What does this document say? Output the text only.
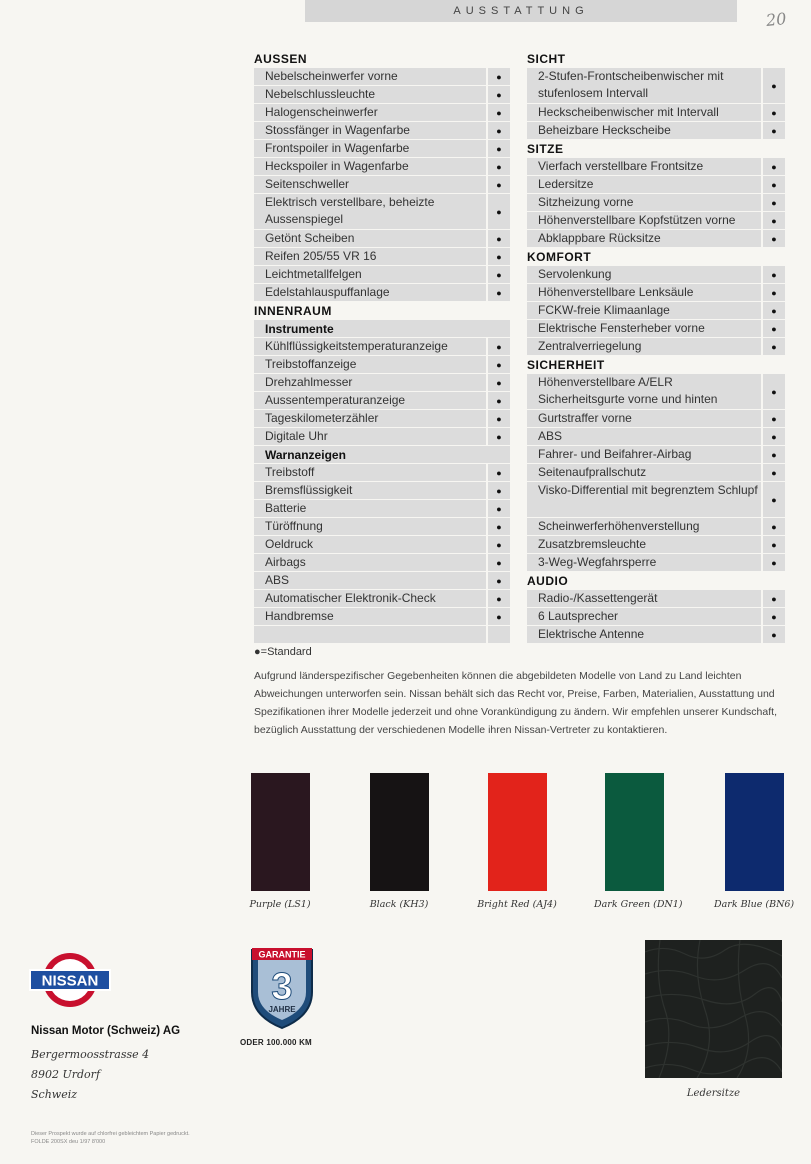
AUSSTATTUNG	20
AUSSEN
Nebelscheinwerfer vorne	●
Nebelschlussleuchte	●
Halogenscheinwerfer	●
Stossfänger in Wagenfarbe	●
Frontspoiler in Wagenfarbe	●
Heckspoiler in Wagenfarbe	●
Seitenschweller	●
Elektrisch verstellbare, beheizte Aussenspiegel
●
Getönt Scheiben	●
Reifen 205/55 VR 16	●
Leichtmetallfelgen	●
Edelstahlauspuffanlage	●
INNENRAUM
Instrumente
Kühlflüssigkeitstemperaturanzeige	●
Treibstoffanzeige	●
Drehzahlmesser	●
Aussentemperaturanzeige	●
Tageskilometerzähler	●
Digitale Uhr	●
Warnanzeigen
Treibstoff	●
Bremsflüssigkeit	●
Batterie	●
Türöffnung	●
Oeldruck	●
Airbags	●
ABS	●
Automatischer Elektronik-Check	●
Handbremse	●
SICHT
2-Stufen-Frontscheibenwischer mit stufenlosem Intervall
●
Heckscheibenwischer mit Intervall	●
Beheizbare Heckscheibe	●
SITZE
Vierfach verstellbare Frontsitze	●
Ledersitze	●
Sitzheizung vorne	●
Höhenverstellbare Kopfstützen vorne	●
Abklappbare Rücksitze	●
KOMFORT
Servolenkung	●
Höhenverstellbare Lenksäule	●
FCKW-freie Klimaanlage	●
Elektrische Fensterheber vorne	●
Zentralverriegelung	●
SICHERHEIT
Höhenverstellbare A/ELR Sicherheitsgurte vorne und hinten
●
Gurtstraffer vorne	●
ABS	●
Fahrer- und Beifahrer-Airbag	●
Seitenaufprallschutz	●
Visko-Differential mit begrenztem Schlupf
●
Scheinwerferhöhenverstellung	●
Zusatzbremsleuchte	●
3-Weg-Wegfahrsperre	●
AUDIO
Radio-/Kassettengerät	●
6 Lautsprecher	●
Elektrische Antenne	●
●=Standard
Aufgrund länderspezifischer Gegebenheiten können die abgebildeten Modelle von Land zu Land leichten Abweichungen unterworfen sein. Nissan behält sich das Recht vor, Preise, Farben, Materialien, Ausstattung und Spezifikationen ihrer Modelle jederzeit und ohne Vorankündigung zu ändern. Wir empfehlen unserer Kundschaft, bezüglich Ausstattung der verschiedenen Modelle ihren Nissan-Vertreter zu kontaktieren.
Purple (LS1)	Black (KH3)	Bright Red (AJ4)	Dark Green (DN1)	Dark Blue (BN6)
NISSAN
GARANTIE
3
JAHRE
ODER 100.000 KM
Nissan Motor (Schweiz) AG
Bergermoosstrasse 4
8902 Urdorf
Schweiz	Ledersitze
Dieser Prospekt wurde auf chlorfrei gebleichtem Papier gedruckt.
FOLDE 200SX deu 1/97 8'000
